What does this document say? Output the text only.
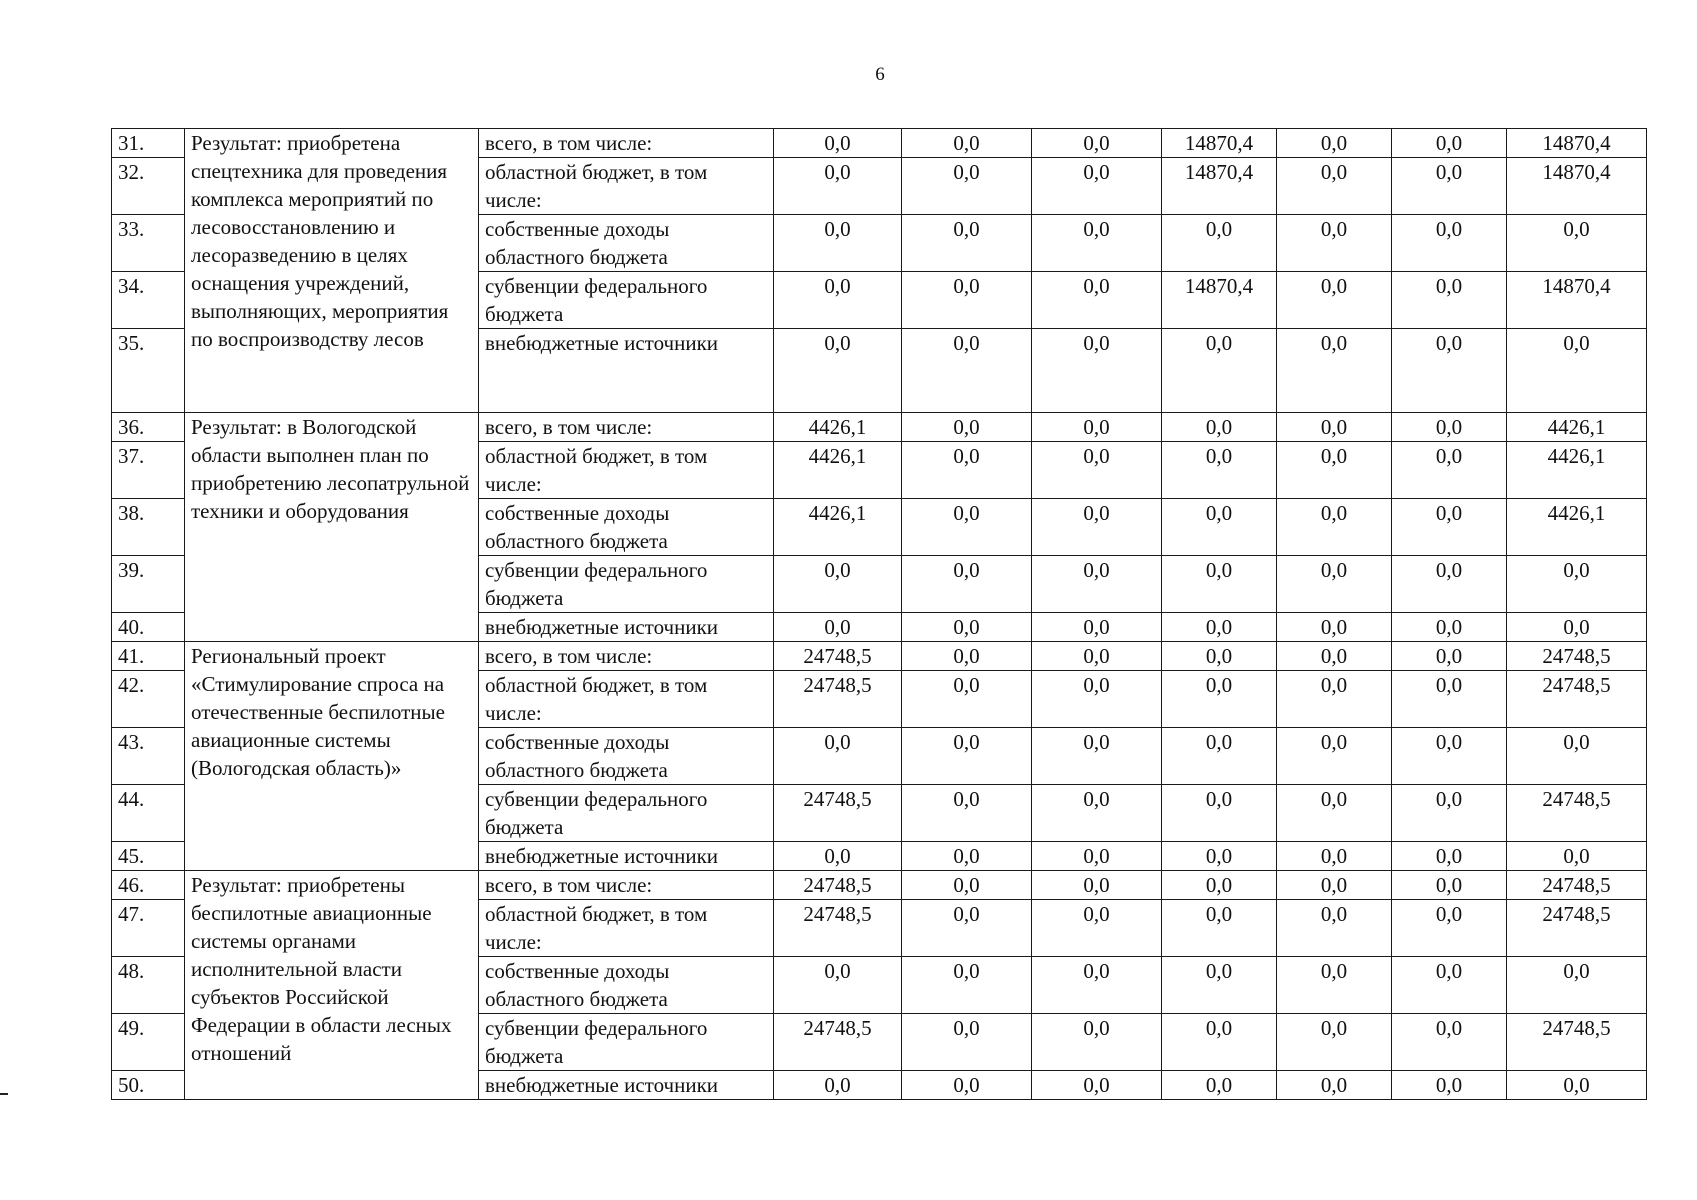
6
31.	Результат: приобретена спецтехника для проведения комплекса мероприятий по лесовосстановлению и лесоразведению в целях оснащения учреждений, выполняющих, мероприятия по воспроизводству лесов	всего, в том числе:	0,0	0,0	0,0	14870,4	0,0	0,0	14870,4
32.		областной бюджет, в том числе:	0,0	0,0	0,0	14870,4	0,0	0,0	14870,4
33.		собственные доходы областного бюджета	0,0	0,0	0,0	0,0	0,0	0,0	0,0
34.		субвенции федерального бюджета	0,0	0,0	0,0	14870,4	0,0	0,0	14870,4
35.		внебюджетные источники	0,0	0,0	0,0	0,0	0,0	0,0	0,0
36.	Результат: в Вологодской области выполнен план по приобретению лесопатрульной техники и оборудования	всего, в том числе:	4426,1	0,0	0,0	0,0	0,0	0,0	4426,1
37.		областной бюджет, в том числе:	4426,1	0,0	0,0	0,0	0,0	0,0	4426,1
38.		собственные доходы областного бюджета	4426,1	0,0	0,0	0,0	0,0	0,0	4426,1
39.		субвенции федерального бюджета	0,0	0,0	0,0	0,0	0,0	0,0	0,0
40.		внебюджетные источники	0,0	0,0	0,0	0,0	0,0	0,0	0,0
41.	Региональный проект «Стимулирование спроса на отечественные беспилотные авиационные системы (Вологодская область)»	всего, в том числе:	24748,5	0,0	0,0	0,0	0,0	0,0	24748,5
42.		областной бюджет, в том числе:	24748,5	0,0	0,0	0,0	0,0	0,0	24748,5
43.		собственные доходы областного бюджета	0,0	0,0	0,0	0,0	0,0	0,0	0,0
44.		субвенции федерального бюджета	24748,5	0,0	0,0	0,0	0,0	0,0	24748,5
45.		внебюджетные источники	0,0	0,0	0,0	0,0	0,0	0,0	0,0
46.	Результат: приобретены беспилотные авиационные системы органами исполнительной власти субъектов Российской Федерации в области лесных отношений	всего, в том числе:	24748,5	0,0	0,0	0,0	0,0	0,0	24748,5
47.		областной бюджет, в том числе:	24748,5	0,0	0,0	0,0	0,0	0,0	24748,5
48.		собственные доходы областного бюджета	0,0	0,0	0,0	0,0	0,0	0,0	0,0
49.		субвенции федерального бюджета	24748,5	0,0	0,0	0,0	0,0	0,0	24748,5
50.		внебюджетные источники	0,0	0,0	0,0	0,0	0,0	0,0	0,0
